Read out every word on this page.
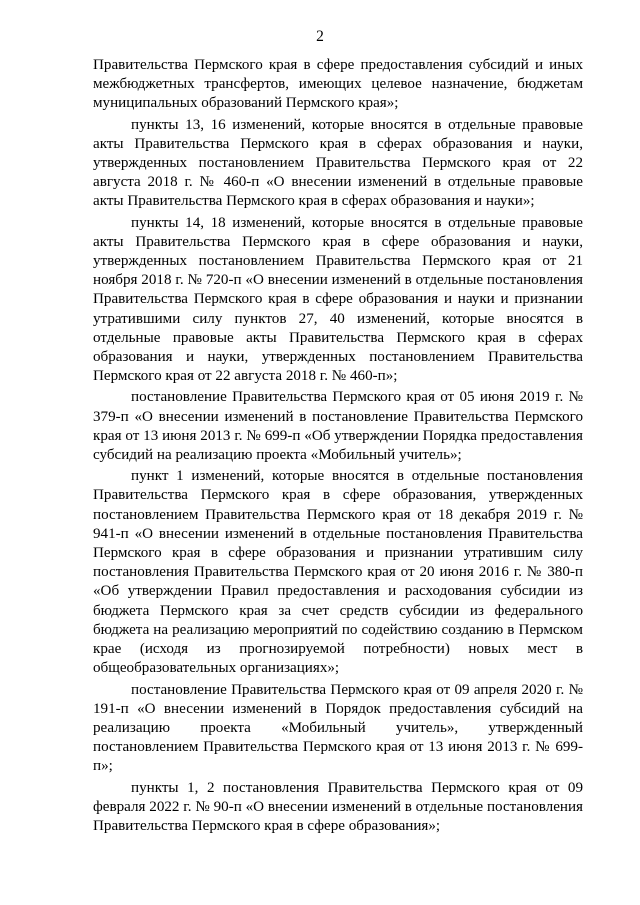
2

Правительства Пермского края в сфере предоставления субсидий и иных межбюджетных трансфертов, имеющих целевое назначение, бюджетам муниципальных образований Пермского края»;

пункты 13, 16 изменений, которые вносятся в отдельные правовые акты Правительства Пермского края в сферах образования и науки, утвержденных постановлением Правительства Пермского края от 22 августа 2018 г. № 460-п «О внесении изменений в отдельные правовые акты Правительства Пермского края в сферах образования и науки»;

пункты 14, 18 изменений, которые вносятся в отдельные правовые акты Правительства Пермского края в сфере образования и науки, утвержденных постановлением Правительства Пермского края от 21 ноября 2018 г. № 720-п «О внесении изменений в отдельные постановления Правительства Пермского края в сфере образования и науки и признании утратившими силу пунктов 27, 40 изменений, которые вносятся в отдельные правовые акты Правительства Пермского края в сферах образования и науки, утвержденных постановлением Правительства Пермского края от 22 августа 2018 г. № 460-п»;

постановление Правительства Пермского края от 05 июня 2019 г. № 379-п «О внесении изменений в постановление Правительства Пермского края от 13 июня 2013 г. № 699-п «Об утверждении Порядка предоставления субсидий на реализацию проекта «Мобильный учитель»;

пункт 1 изменений, которые вносятся в отдельные постановления Правительства Пермского края в сфере образования, утвержденных постановлением Правительства Пермского края от 18 декабря 2019 г. № 941-п «О внесении изменений в отдельные постановления Правительства Пермского края в сфере образования и признании утратившим силу постановления Правительства Пермского края от 20 июня 2016 г. № 380-п «Об утверждении Правил предоставления и расходования субсидии из бюджета Пермского края за счет средств субсидии из федерального бюджета на реализацию мероприятий по содействию созданию в Пермском крае (исходя из прогнозируемой потребности) новых мест в общеобразовательных организациях»;

постановление Правительства Пермского края от 09 апреля 2020 г. № 191-п «О внесении изменений в Порядок предоставления субсидий на реализацию проекта «Мобильный учитель», утвержденный постановлением Правительства Пермского края от 13 июня 2013 г. № 699-п»;

пункты 1, 2 постановления Правительства Пермского края от 09 февраля 2022 г. № 90-п «О внесении изменений в отдельные постановления Правительства Пермского края в сфере образования»;
